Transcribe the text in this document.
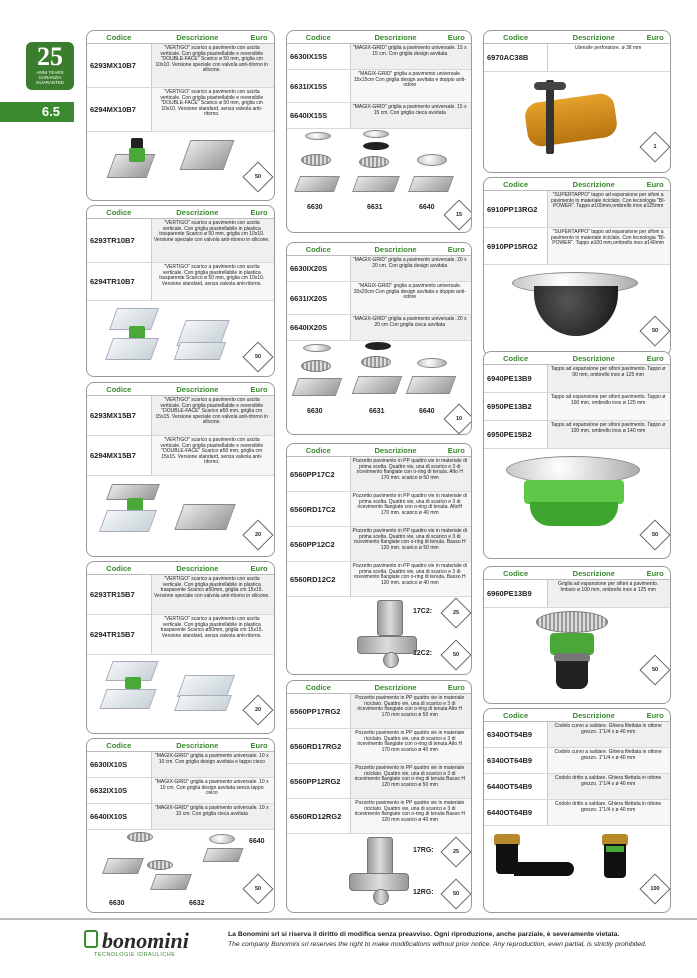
25
ANNI YEARS GARANZIA GUARANTEE
6.5
Codice	Descrizione	Euro
6293MX10B7
"VERTIGO" scarico a pavimento con uscita verticale. Con griglia piastrellabile e reversibile "DOUBLE-FACE" Scarico ø 50 mm, griglia cm 10x10. Versione speciale con valvola anti-ritorno in silicone.
6294MX10B7
"VERTIGO" scarico a pavimento con uscita verticale. Con griglia piastrellabile e reversibile "DOUBLE-FACE" Scarico ø 50 mm, griglia cm 10x10. Versione standard, senza valvola anti-ritorno.
50
Codice	Descrizione	Euro
6293TR10B7
"VERTIGO" scarico a pavimento con uscita verticale. Con griglia piastrellabile in plastica trasparente Scarico ø 50 mm, griglia cm 10x10. Versione speciale con valvola anti-ritorno in silicone.
6294TR10B7
"VERTIGO" scarico a pavimento con uscita verticale. Con griglia piastrellabile in plastica trasparente Scarico ø 50 mm, griglia cm 10x10. Versione standard, senza valvola anti-ritorno.
50
Codice	Descrizione	Euro
6293MX15B7
"VERTIGO" scarico a pavimento con uscita verticale. Con griglia piastrellabile e reversibile "DOUBLE-FACE" Scarico ø50 mm, griglia cm 15x15. Versione speciale con valvola anti-ritorno in silicone.
6294MX15B7
"VERTIGO" scarico a pavimento con uscita verticale. Con griglia piastrellabile e reversibile "DOUBLE-FACE" Scarico ø50 mm, griglia cm 15x15. Versione standard, senza valvola anti-ritorno.
20
Codice	Descrizione	Euro
6293TR15B7
"VERTIGO" scarico a pavimento con uscita verticale. Con griglia piastrellabile in plastica trasparente Scarico ø50mm, griglia cm 15x15. Versione speciale con valvola anti-ritorno in silicone.
6294TR15B7
"VERTIGO" scarico a pavimento con uscita verticale. Con griglia piastrellabile in plastica trasparente Scarico ø50mm, griglia cm 15x15. Versione standard, senza valvola anti-ritorno.
20
Codice	Descrizione	Euro
6630IX10S
"MAGIX-GRID" griglia a pavimento universale. 10 x 10 cm. Con griglia design avvitata e tappo cieco
6632IX10S
"MAGIX-GRID" griglia a pavimento universale. 10 x 10 cm. Con griglia design avvitata senza tappo cieco
6640IX10S
"MAGIX-GRID" griglia a pavimento universale. 10 x 10 cm. Con griglia cieca avvitata
6630	6632
6640
50
Codice	Descrizione	Euro
6630IX15S
"MAGIX-GRID" griglia a pavimento universale. 15 x 15 cm. Con griglia design avvitata
6631IX15S
"MAGIX-GRID" griglia a pavimento universale. 15x15cm Con griglia design avvitata e doppio anti-odore
6640IX15S
"MAGIX-GRID" griglia a pavimento universale. 15 x 15 cm. Con griglia cieca avvitata
6630	6631	6640
15
Codice	Descrizione	Euro
6630IX20S
"MAGIX-GRID" griglia a pavimento universale. 20 x 20 cm. Con griglia design avvitata
6631IX20S
"MAGIX-GRID" griglia a pavimento universale. 20x20cm Con griglia design avvitata e doppio anti-odore
6640IX20S
"MAGIX-GRID" griglia a pavimento universale. 20 x 20 cm Con griglia cieca avvitata
6630	6631	6640
10
Codice	Descrizione	Euro
6560PP17C2
Pozzetto pavimento in PP quattro vie in materiale di prima scelta. Quattro vie, una di scarico e 3 di ricevimento flangiate con o-ring di tenuta. Alto H 170 mm. scarico ø 50 mm
6560RD17C2
Pozzetto pavimento in PP quattro vie in materiale di prima scelta. Quattro vie, una di scarico e 3 di ricevimento flangiate con o-ring di tenuta. AltoH 170 mm. scarico ø 40 mm
6560PP12C2
Pozzetto pavimento in PP quattro vie in materiale di prima scelta. Quattro vie, una di scarico e 3 di ricevimento flangiate con o-ring di tenuta. Basso H 120 mm. scarico ø 50 mm
6560RD12C2
Pozzetto pavimento in PP quattro vie in materiale di prima scelta. Quattro vie, una di scarico e 3 di ricevimento flangiate con o-ring di tenuta. Basso H 120 mm. scarico ø 40 mm
17C2:
12C2:
25
50
Codice	Descrizione	Euro
6560PP17RG2
Pozzetto pavimento in PP quattro vie in materiale riciclato. Quattro vie, una di scarico e 3 di ricevimento flangiate con o-ring di tenuta Alto H 170 mm scarico ø 50 mm
6560RD17RG2
Pozzetto pavimento in PP quattro vie in materiale riciclato. Quattro vie, una di scarico e 3 di ricevimento flangiate con o-ring di tenuta Alto H 170 mm scarico ø 40 mm
6560PP12RG2
Pozzetto pavimento in PP quattro vie in materiale riciclato. Quattro vie, una di scarico e 3 di ricevimento flangiate con o-ring di tenuta Basso H 120 mm scarico ø 50 mm
6560RD12RG2
Pozzetto pavimento in PP quattro vie in materiale riciclato. Quattro vie, una di scarico e 3 di ricevimento flangiate con o-ring di tenuta Basso H 120 mm scarico ø 40 mm
17RG:
12RG:
25
50
Codice	Descrizione	Euro
6970AC38B
Utensile perforatore. ø 38 mm
1
Codice	Descrizione	Euro
6910PP13RG2
"SUPERTAPPO" tappo ad espansione per sifoni a pavimento in materiale riciclato. Con tecnologia "BI-POWER". Tappo ø100mm,ombrello inox ø125mm
6910PP15RG2
"SUPERTAPPO" tappo ad espansione per sifoni a pavimento in materiale riciclato. Con tecnologia "BI-POWER". Tappo ø100 mm,ombrello inox ø140mm
50
Codice	Descrizione	Euro
6940PE13B9
Tappo ad espansione per sifoni pavimento. Tappo ø 90 mm, ombrello inox ø 125 mm
6950PE13B2
Tappo ad espansione per sifoni pavimento. Tappo ø 100 mm, ombrello inox ø 125 mm
6950PE15B2
Tappo ad espansione per sifoni pavimento. Tappo ø 100 mm, ombrello inox ø 140 mm
50
Codice	Descrizione	Euro
6960PE13B9
Griglia ad espansione per sifoni a pavimento. Imbuto ø 100 mm, ombrello inox ø 125 mm
50
Codice	Descrizione	Euro
6340OT54B9
Codolo curvo a saldare. Ghiera filettata in ottone grezzo. 1"1/4 x ø 40 mm
6340OT64B9
Codolo curvo a saldare. Ghiera filettata in ottone grezzo. 1"1/4 x ø 40 mm
6440OT54B9
Codolo dritto a saldare. Ghiera filettata in ottone grezzo. 1"1/4 x ø 40 mm
6440OT64B9
Codolo dritto a saldare. Ghiera filettata in ottone grezzo. 1"1/4 x ø 40 mm
100
bonomini
TECNOLOGIE IDRAULICHE
La Bonomini srl si riserva il diritto di modifica senza preavviso. Ogni riproduzione, anche parziale, è severamente vietata.
The company Bonomini srl reserves the right to make modifications without prior notice. Any reproduction, even partial, is strictly prohibited.
